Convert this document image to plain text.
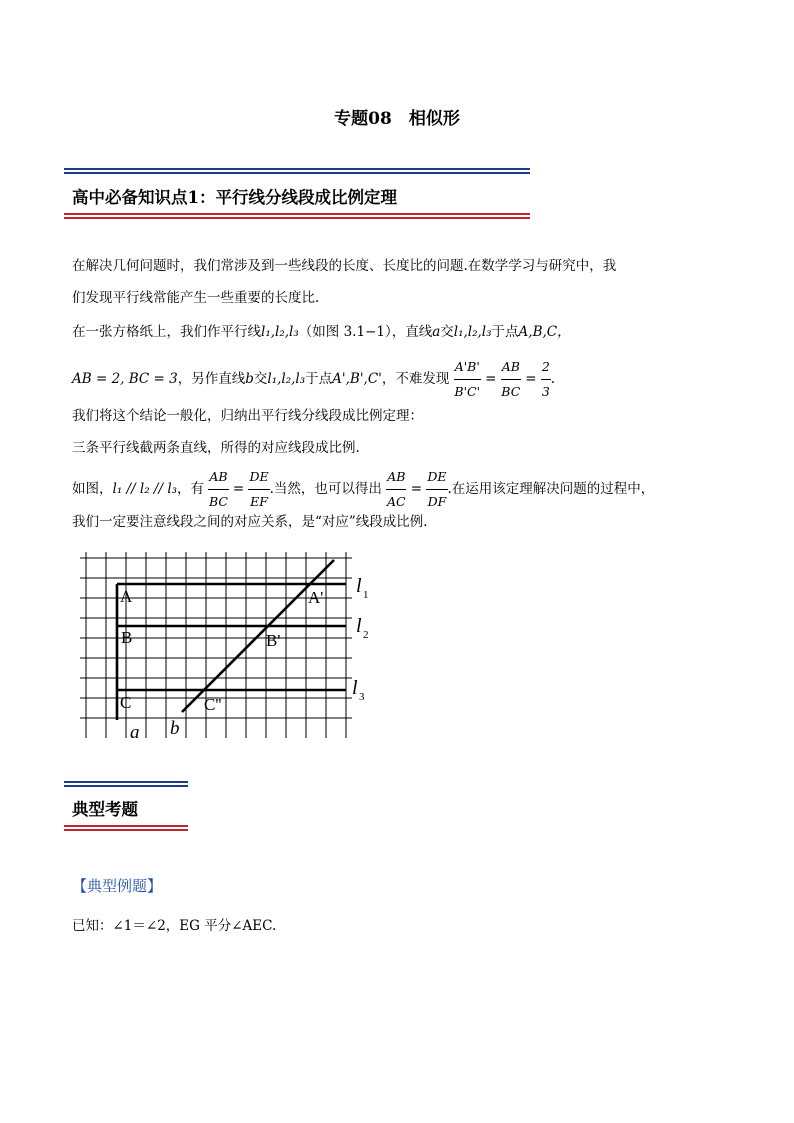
专题08　相似形
高中必备知识点1：平行线分线段成比例定理
在解决几何问题时，我们常涉及到一些线段的长度、长度比的问题.在数学学习与研究中，我
们发现平行线常能产生一些重要的长度比.
在一张方格纸上，我们作平行线l₁,l₂,l₃（如图 3.1−1），直线a交l₁,l₂,l₃于点A,B,C，
AB = 2, BC = 3，另作直线b交l₁,l₂,l₃于点A',B',C'，不难发现 $\frac{A'B'}{B'C'} = \frac{AB}{BC} = \frac{2}{3}$ .
我们将这个结论一般化，归纳出平行线分线段成比例定理：
三条平行线截两条直线，所得的对应线段成比例.
如图，l₁ // l₂ // l₃，有 $\frac{AB}{BC} = \frac{DE}{EF}$ .当然，也可以得出 $\frac{AB}{AC} = \frac{DE}{DF}$ .在运用该定理解决问题的过程中，
我们一定要注意线段之间的对应关系，是“对应”线段成比例.
A
B
C
A'
B'
C''
a b
l 1
l 2
l 3
典型考题
【典型例题】
已知：∠1＝∠2，EG 平分∠AEC.
